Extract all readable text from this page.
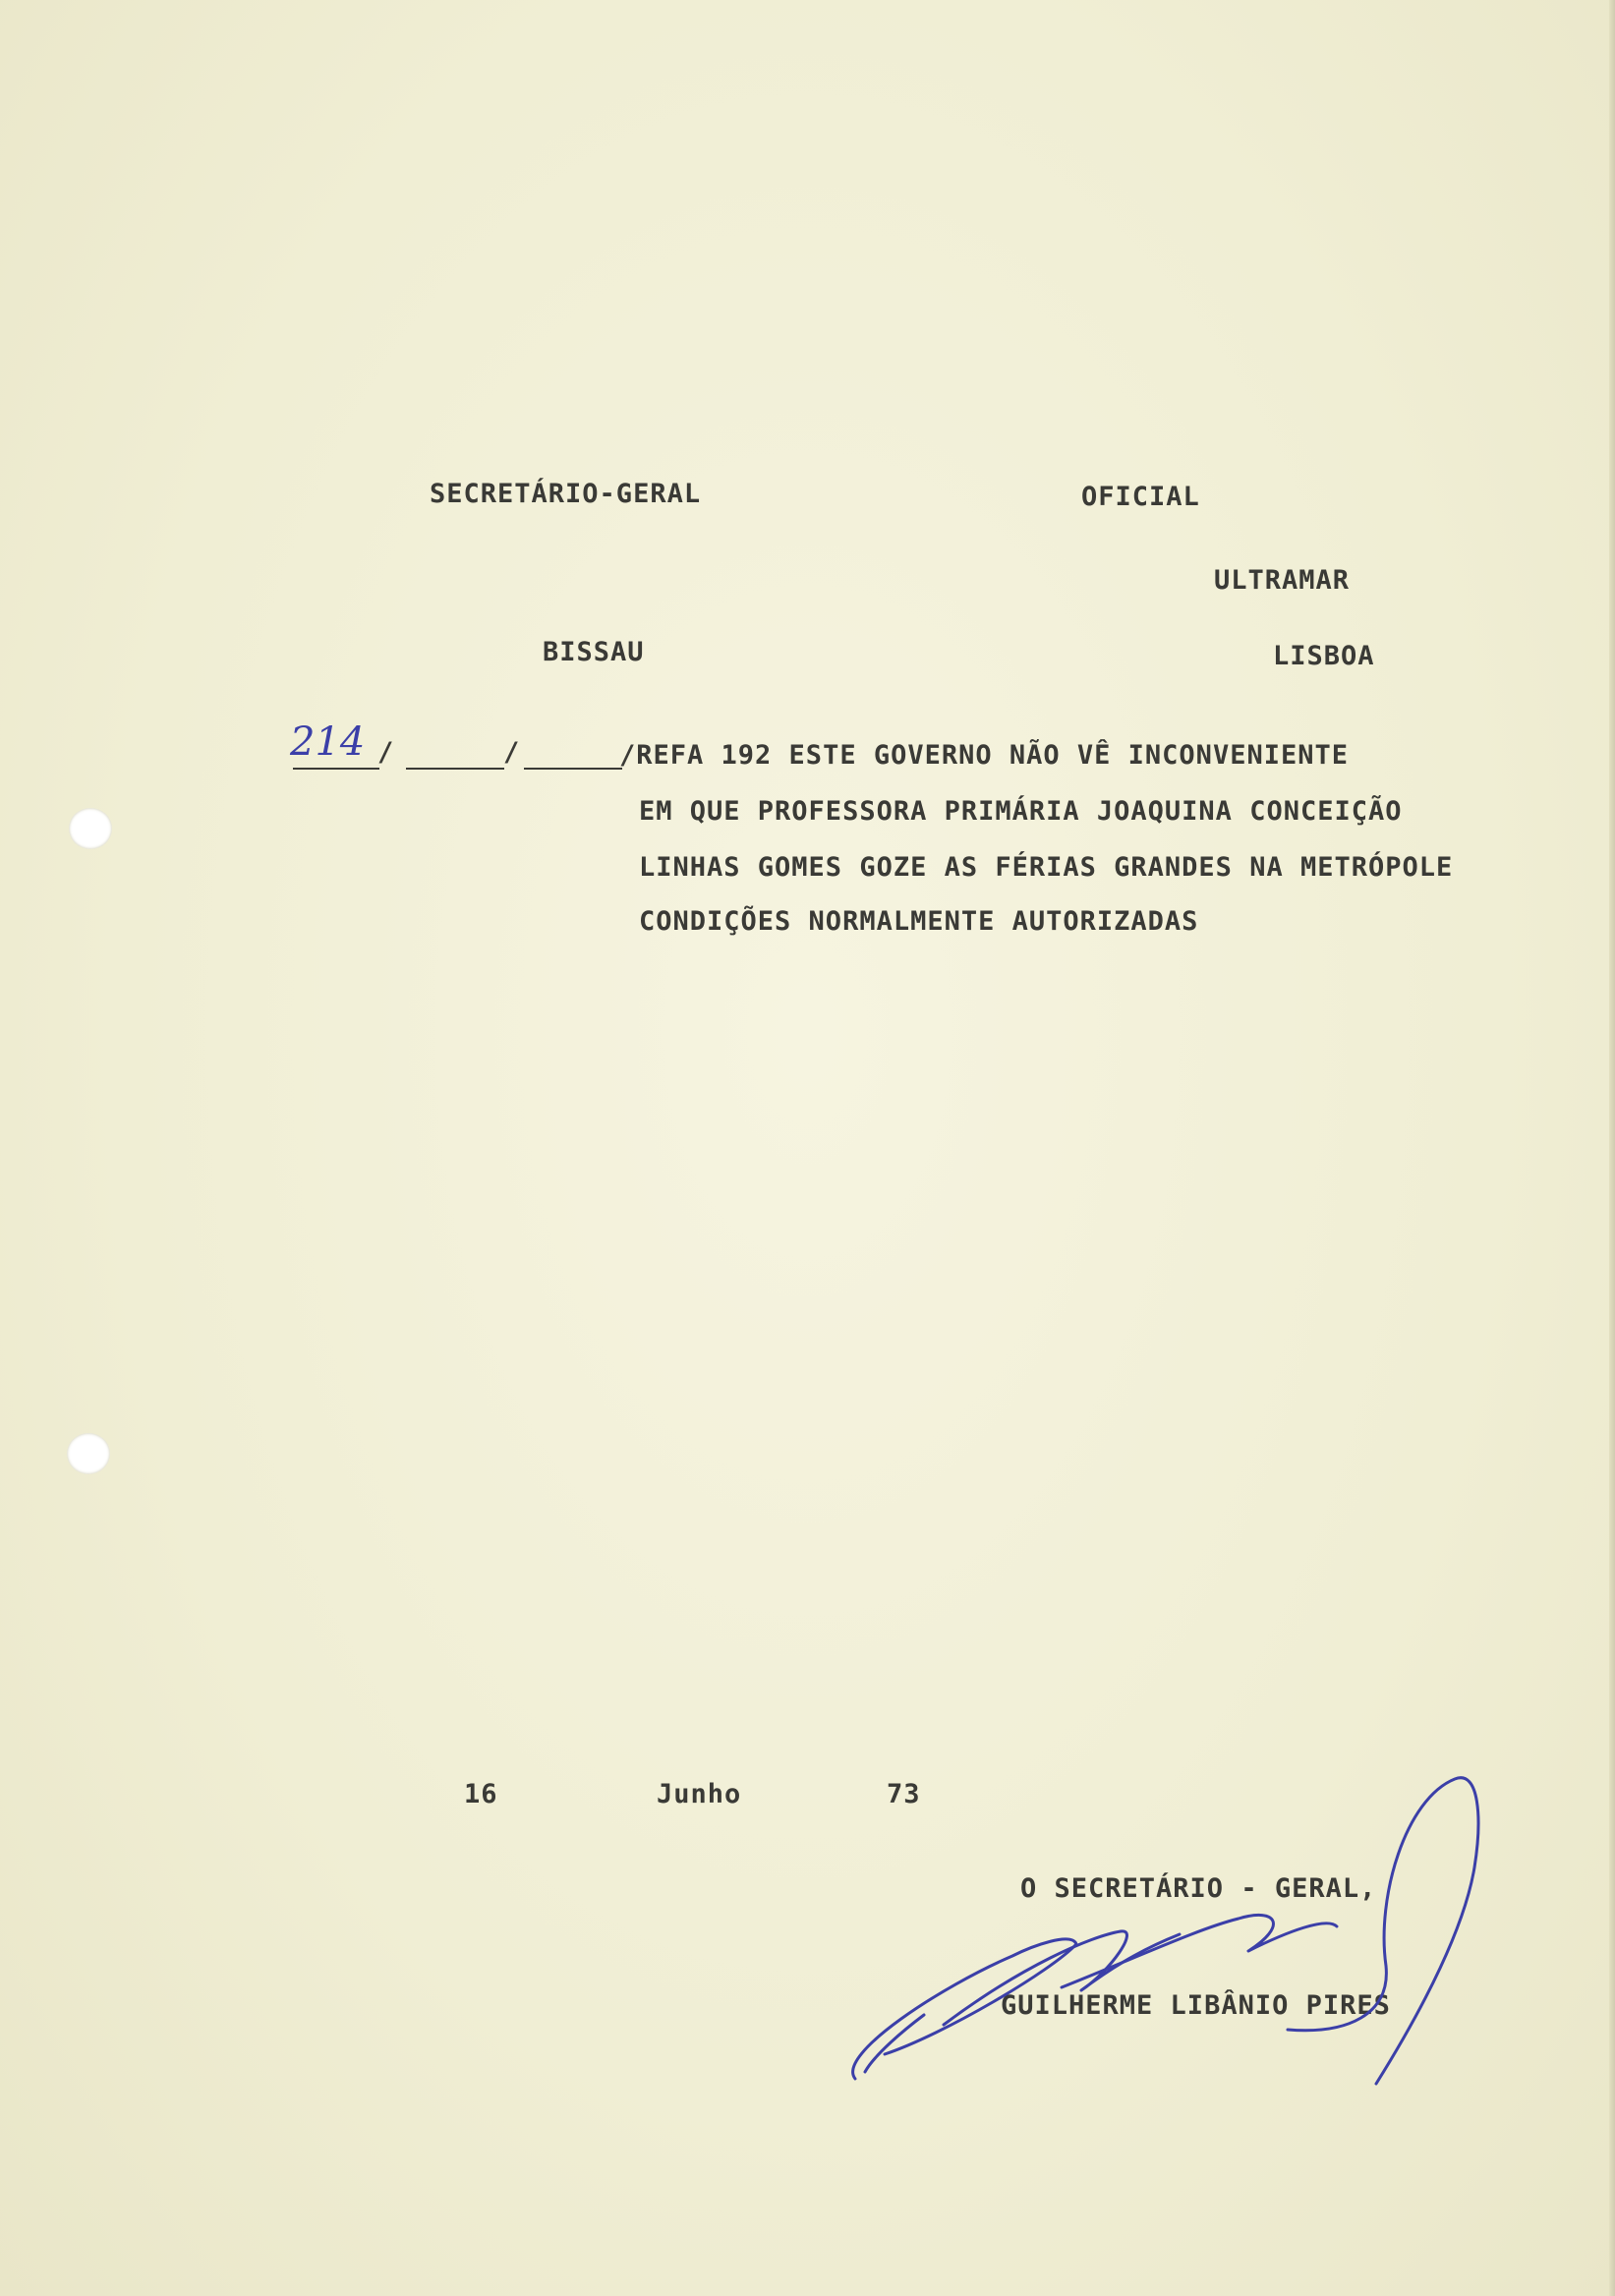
SECRETÁRIO-GERAL	OFICIAL
ULTRAMAR
BISSAU	LISBOA
214 /	/	/REFA 192 ESTE GOVERNO NÃO VÊ INCONVENIENTE
EM QUE PROFESSORA PRIMÁRIA JOAQUINA CONCEIÇÃO
LINHAS GOMES GOZE AS FÉRIAS GRANDES NA METRÓPOLE
CONDIÇÕES NORMALMENTE AUTORIZADAS
16	Junho	73
O SECRETÁRIO - GERAL,
GUILHERME LIBÂNIO PIRES
